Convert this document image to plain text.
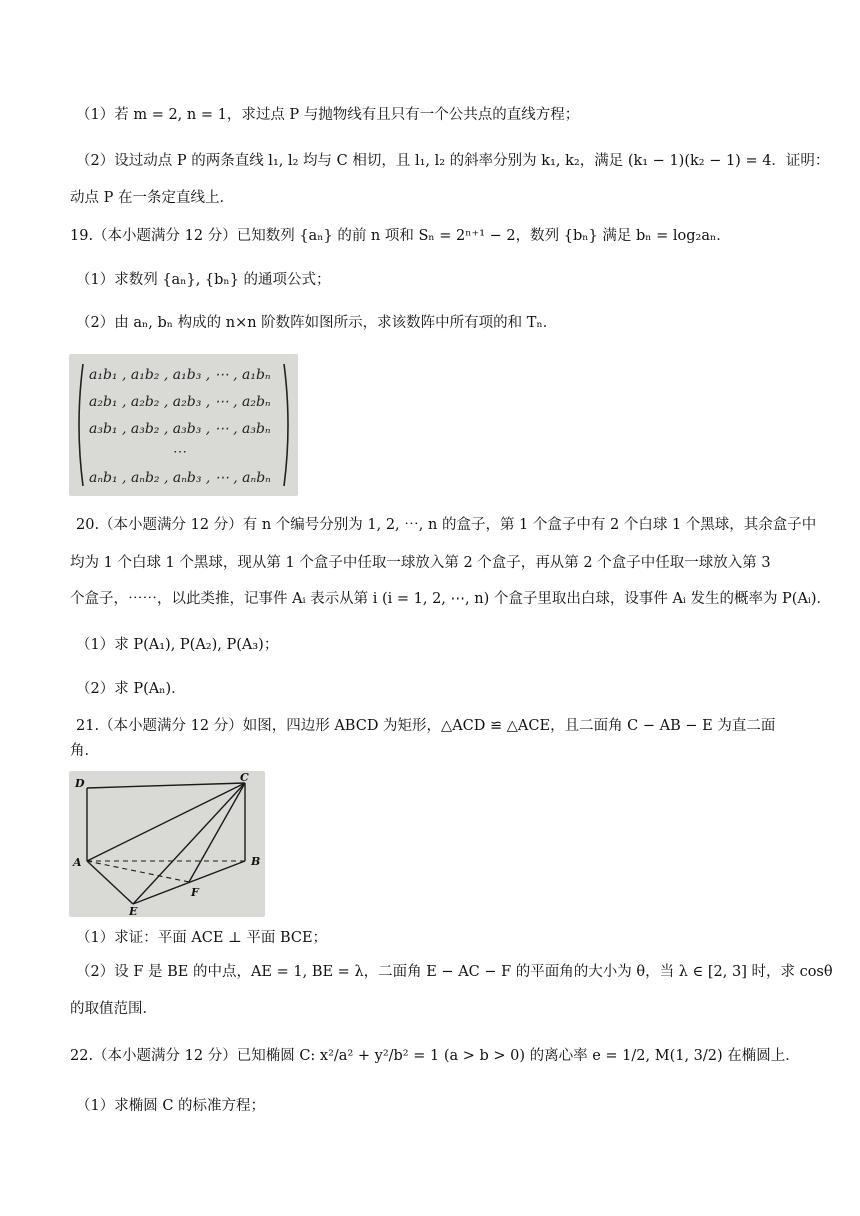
（1）若 m = 2, n = 1，求过点 P 与抛物线有且只有一个公共点的直线方程；
（2）设过动点 P 的两条直线 l₁, l₂ 均与 C 相切，且 l₁, l₂ 的斜率分别为 k₁, k₂，满足 (k₁ − 1)(k₂ − 1) = 4．证明：
动点 P 在一条定直线上．
19.（本小题满分 12 分）已知数列 {aₙ} 的前 n 项和 Sₙ = 2ⁿ⁺¹ − 2，数列 {bₙ} 满足 bₙ = log₂aₙ．
（1）求数列 {aₙ}, {bₙ} 的通项公式；
（2）由 aₙ, bₙ 构成的 n×n 阶数阵如图所示，求该数阵中所有项的和 Tₙ．
a₁b₁ , a₁b₂ , a₁b₃ , ⋯ , a₁bₙ
a₂b₁ , a₂b₂ , a₂b₃ , ⋯ , a₂bₙ
a₃b₁ , a₃b₂ , a₃b₃ , ⋯ , a₃bₙ
⋯
aₙb₁ , aₙb₂ , aₙb₃ , ⋯ , aₙbₙ
20.（本小题满分 12 分）有 n 个编号分别为 1, 2, ⋯, n 的盒子，第 1 个盒子中有 2 个白球 1 个黑球，其余盒子中
均为 1 个白球 1 个黑球，现从第 1 个盒子中任取一球放入第 2 个盒子，再从第 2 个盒子中任取一球放入第 3
个盒子，⋯⋯，以此类推，记事件 Aᵢ 表示从第 i (i = 1, 2, ⋯, n) 个盒子里取出白球，设事件 Aᵢ 发生的概率为 P(Aᵢ)．
（1）求 P(A₁), P(A₂), P(A₃)；
（2）求 P(Aₙ)．
21.（本小题满分 12 分）如图，四边形 ABCD 为矩形，△ACD ≌ △ACE，且二面角 C − AB − E 为直二面
角．
D	C
A	B
F
E
（1）求证：平面 ACE ⊥ 平面 BCE；
（2）设 F 是 BE 的中点，AE = 1, BE = λ，二面角 E − AC − F 的平面角的大小为 θ，当 λ ∈ [2, 3] 时，求 cosθ
的取值范围．
22.（本小题满分 12 分）已知椭圆 C: x²/a² + y²/b² = 1 (a > b > 0) 的离心率 e = 1/2, M(1, 3/2) 在椭圆上．
（1）求椭圆 C 的标准方程；
